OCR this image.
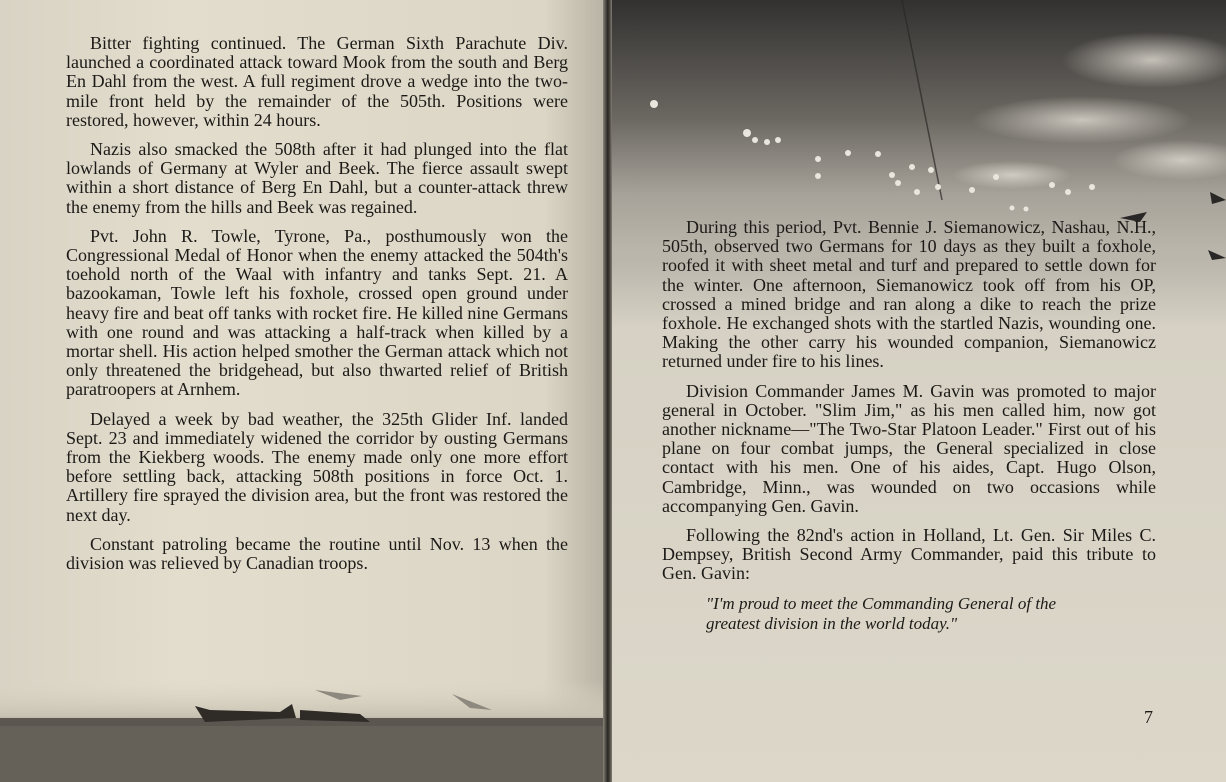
Bitter fighting continued. The German Sixth Parachute Div. launched a coordinated attack toward Mook from the south and Berg En Dahl from the west. A full regiment drove a wedge into the two-mile front held by the remainder of the 505th. Positions were restored, however, within 24 hours.

Nazis also smacked the 508th after it had plunged into the flat lowlands of Germany at Wyler and Beek. The fierce assault swept within a short distance of Berg En Dahl, but a counter-attack threw the enemy from the hills and Beek was regained.

Pvt. John R. Towle, Tyrone, Pa., posthumously won the Congressional Medal of Honor when the enemy attacked the 504th's toehold north of the Waal with infantry and tanks Sept. 21. A bazookaman, Towle left his foxhole, crossed open ground under heavy fire and beat off tanks with rocket fire. He killed nine Germans with one round and was attacking a half-track when killed by a mortar shell. His action helped smother the German attack which not only threatened the bridgehead, but also thwarted relief of British paratroopers at Arnhem.

Delayed a week by bad weather, the 325th Glider Inf. landed Sept. 23 and immediately widened the corridor by ousting Germans from the Kiekberg woods. The enemy made only one more effort before settling back, attacking 508th positions in force Oct. 1. Artillery fire sprayed the division area, but the front was restored the next day.

Constant patroling became the routine until Nov. 13 when the division was relieved by Canadian troops.

During this period, Pvt. Bennie J. Siemanowicz, Nashau, N.H., 505th, observed two Germans for 10 days as they built a foxhole, roofed it with sheet metal and turf and prepared to settle down for the winter. One afternoon, Siemanowicz took off from his OP, crossed a mined bridge and ran along a dike to reach the prize foxhole. He exchanged shots with the startled Nazis, wounding one. Making the other carry his wounded companion, Siemanowicz returned under fire to his lines.

Division Commander James M. Gavin was promoted to major general in October. "Slim Jim," as his men called him, now got another nickname—"The Two-Star Platoon Leader." First out of his plane on four combat jumps, the General specialized in close contact with his men. One of his aides, Capt. Hugo Olson, Cambridge, Minn., was wounded on two occasions while accompanying Gen. Gavin.

Following the 82nd's action in Holland, Lt. Gen. Sir Miles C. Dempsey, British Second Army Commander, paid this tribute to Gen. Gavin:

"I'm proud to meet the Commanding General of the greatest division in the world today."

7
